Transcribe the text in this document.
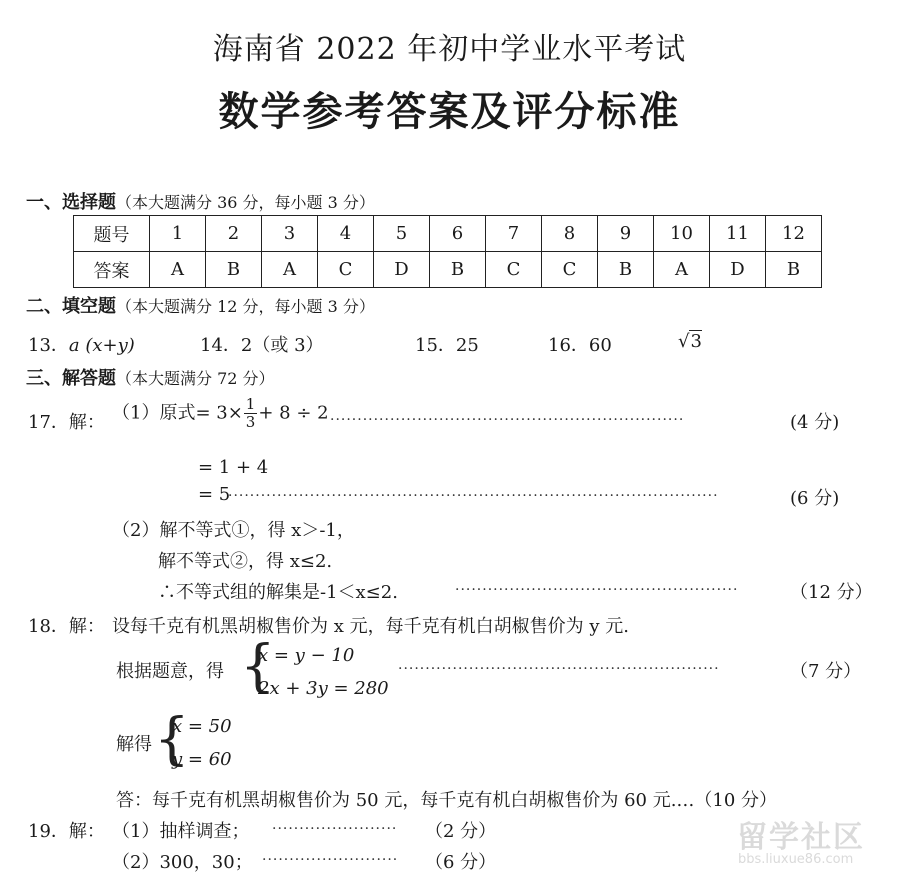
海南省 2022 年初中学业水平考试
数学参考答案及评分标准
一、选择题（本大题满分 36 分，每小题 3 分）
题号	1	2	3	4	5	6	7	8	9	10	11	12
答案	A	B	A	C	D	B	C	C	B	A	D	B
二、填空题（本大题满分 12 分，每小题 3 分）
13．a (x+y)	14．2（或 3）	15．25	16．60	√3
三、解答题（本大题满分 72 分）
17．解： （1）原式= $3\times \frac{1}{3} + 8 \div 2$ ·································································	(4 分)
= 1 + 4
= 5
··························································································	(6 分)
（2）解不等式①，得 x＞-1，
解不等式②，得 x≤2.
∴不等式组的解集是-1＜x≤2.	····················································	（12 分）
18．解： 设每千克有机黑胡椒售价为 x 元，每千克有机白胡椒售价为 y 元.
根据题意，得 {
x = y − 10
2x + 3y = 280
···························································	（7 分）
解得 {
x = 50
y = 60
答：每千克有机黑胡椒售价为 50 元，每千克有机白胡椒售价为 60 元.…（10 分）
19．解： （1）抽样调查； ······················· （2 分）
（2）300，30； ························· （6 分）
留学社区
bbs.liuxue86.com
